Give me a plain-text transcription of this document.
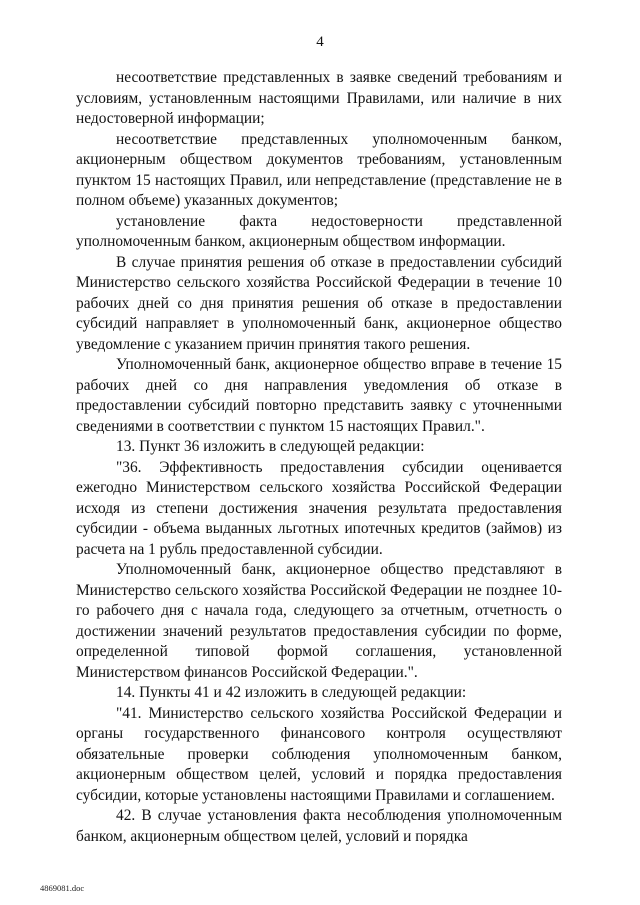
4

несоответствие представленных в заявке сведений требованиям и условиям, установленным настоящими Правилами, или наличие в них недостоверной информации;

несоответствие представленных уполномоченным банком, акционерным обществом документов требованиям, установленным пунктом 15 настоящих Правил, или непредставление (представление не в полном объеме) указанных документов;

установление факта недостоверности представленной уполномоченным банком, акционерным обществом информации.

В случае принятия решения об отказе в предоставлении субсидий Министерство сельского хозяйства Российской Федерации в течение 10 рабочих дней со дня принятия решения об отказе в предоставлении субсидий направляет в уполномоченный банк, акционерное общество уведомление с указанием причин принятия такого решения.

Уполномоченный банк, акционерное общество вправе в течение 15 рабочих дней со дня направления уведомления об отказе в предоставлении субсидий повторно представить заявку с уточненными сведениями в соответствии с пунктом 15 настоящих Правил.".

13. Пункт 36 изложить в следующей редакции:

"36. Эффективность предоставления субсидии оценивается ежегодно Министерством сельского хозяйства Российской Федерации исходя из степени достижения значения результата предоставления субсидии - объема выданных льготных ипотечных кредитов (займов) из расчета на 1 рубль предоставленной субсидии.

Уполномоченный банк, акционерное общество представляют в Министерство сельского хозяйства Российской Федерации не позднее 10-го рабочего дня с начала года, следующего за отчетным, отчетность о достижении значений результатов предоставления субсидии по форме, определенной типовой формой соглашения, установленной Министерством финансов Российской Федерации.".

14. Пункты 41 и 42 изложить в следующей редакции:

"41. Министерство сельского хозяйства Российской Федерации и органы государственного финансового контроля осуществляют обязательные проверки соблюдения уполномоченным банком, акционерным обществом целей, условий и порядка предоставления субсидии, которые установлены настоящими Правилами и соглашением.

42. В случае установления факта несоблюдения уполномоченным банком, акционерным обществом целей, условий и порядка

4869081.doc
